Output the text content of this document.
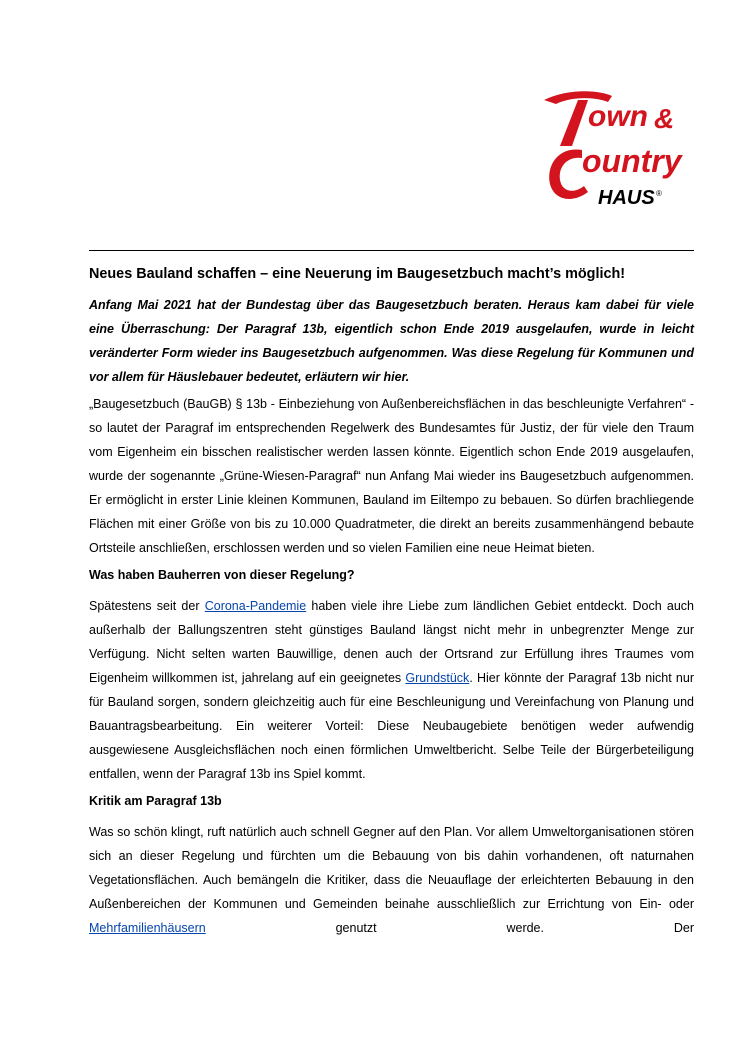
own &
ountry
HAUS ®
Neues Bauland schaffen – eine Neuerung im Baugesetzbuch macht’s möglich!

Anfang Mai 2021 hat der Bundestag über das Baugesetzbuch beraten. Heraus kam dabei für viele eine Überraschung: Der Paragraf 13b, eigentlich schon Ende 2019 ausgelaufen, wurde in leicht veränderter Form wieder ins Baugesetzbuch aufgenommen. Was diese Regelung für Kommunen und vor allem für Häuslebauer bedeutet, erläutern wir hier.

„Baugesetzbuch (BauGB) § 13b - Einbeziehung von Außenbereichsflächen in das beschleunigte Verfahren“ - so lautet der Paragraf im entsprechenden Regelwerk des Bundesamtes für Justiz, der für viele den Traum vom Eigenheim ein bisschen realistischer werden lassen könnte. Eigentlich schon Ende 2019 ausgelaufen, wurde der sogenannte „Grüne-Wiesen-Paragraf“ nun Anfang Mai wieder ins Baugesetzbuch aufgenommen. Er ermöglicht in erster Linie kleinen Kommunen, Bauland im Eiltempo zu bebauen. So dürfen brachliegende Flächen mit einer Größe von bis zu 10.000 Quadratmeter, die direkt an bereits zusammenhängend bebaute Ortsteile anschließen, erschlossen werden und so vielen Familien eine neue Heimat bieten.

Was haben Bauherren von dieser Regelung?

Spätestens seit der Corona-Pandemie haben viele ihre Liebe zum ländlichen Gebiet entdeckt. Doch auch außerhalb der Ballungszentren steht günstiges Bauland längst nicht mehr in unbegrenzter Menge zur Verfügung. Nicht selten warten Bauwillige, denen auch der Ortsrand zur Erfüllung ihres Traumes vom Eigenheim willkommen ist, jahrelang auf ein geeignetes Grundstück. Hier könnte der Paragraf 13b nicht nur für Bauland sorgen, sondern gleichzeitig auch für eine Beschleunigung und Vereinfachung von Planung und Bauantragsbearbeitung. Ein weiterer Vorteil: Diese Neubaugebiete benötigen weder aufwendig ausgewiesene Ausgleichsflächen noch einen förmlichen Umweltbericht. Selbe Teile der Bürgerbeteiligung entfallen, wenn der Paragraf 13b ins Spiel kommt.

Kritik am Paragraf 13b

Was so schön klingt, ruft natürlich auch schnell Gegner auf den Plan. Vor allem Umweltorganisationen stören sich an dieser Regelung und fürchten um die Bebauung von bis dahin vorhandenen, oft naturnahen Vegetationsflächen. Auch bemängeln die Kritiker, dass die Neuauflage der erleichterten Bebauung in den Außenbereichen der Kommunen und Gemeinden beinahe ausschließlich zur Errichtung von Ein- oder Mehrfamilienhäusern genutzt werde. Der
